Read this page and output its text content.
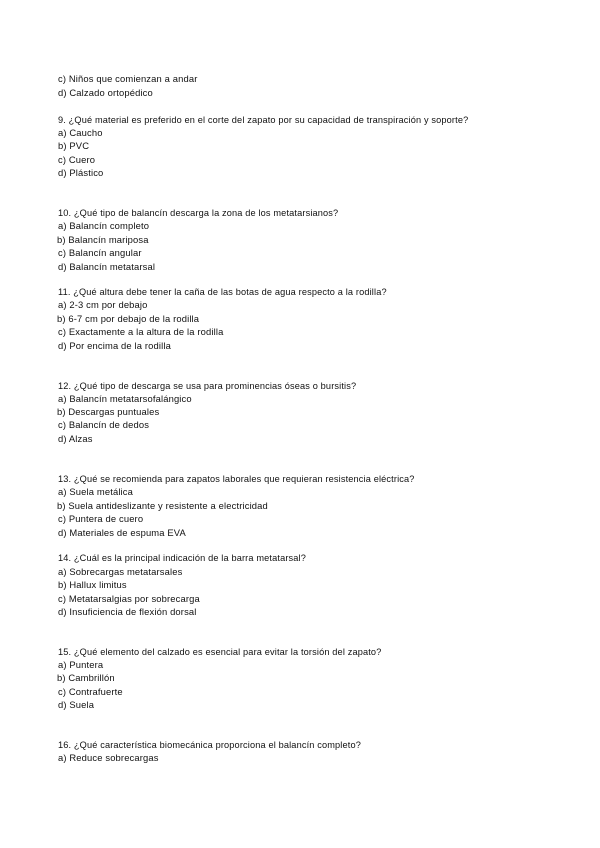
c) Niños que comienzan a andar
d) Calzado ortopédico
9. ¿Qué material es preferido en el corte del zapato por su capacidad de transpiración y soporte?
a) Caucho
b) PVC
c) Cuero
d) Plástico
10. ¿Qué tipo de balancín descarga la zona de los metatarsianos?
a) Balancín completo
b) Balancín mariposa
c) Balancín angular
d) Balancín metatarsal
11. ¿Qué altura debe tener la caña de las botas de agua respecto a la rodilla?
a) 2-3 cm por debajo
b) 6-7 cm por debajo de la rodilla
c) Exactamente a la altura de la rodilla
d) Por encima de la rodilla
12. ¿Qué tipo de descarga se usa para prominencias óseas o bursitis?
a) Balancín metatarsofalángico
b) Descargas puntuales
c) Balancín de dedos
d) Alzas
13. ¿Qué se recomienda para zapatos laborales que requieran resistencia eléctrica?
a) Suela metálica
b) Suela antideslizante y resistente a electricidad
c) Puntera de cuero
d) Materiales de espuma EVA
14. ¿Cuál es la principal indicación de la barra metatarsal?
a) Sobrecargas metatarsales
b) Hallux limitus
c) Metatarsalgias por sobrecarga
d) Insuficiencia de flexión dorsal
15. ¿Qué elemento del calzado es esencial para evitar la torsión del zapato?
a) Puntera
b) Cambrillón
c) Contrafuerte
d) Suela
16. ¿Qué característica biomecánica proporciona el balancín completo?
a) Reduce sobrecargas
